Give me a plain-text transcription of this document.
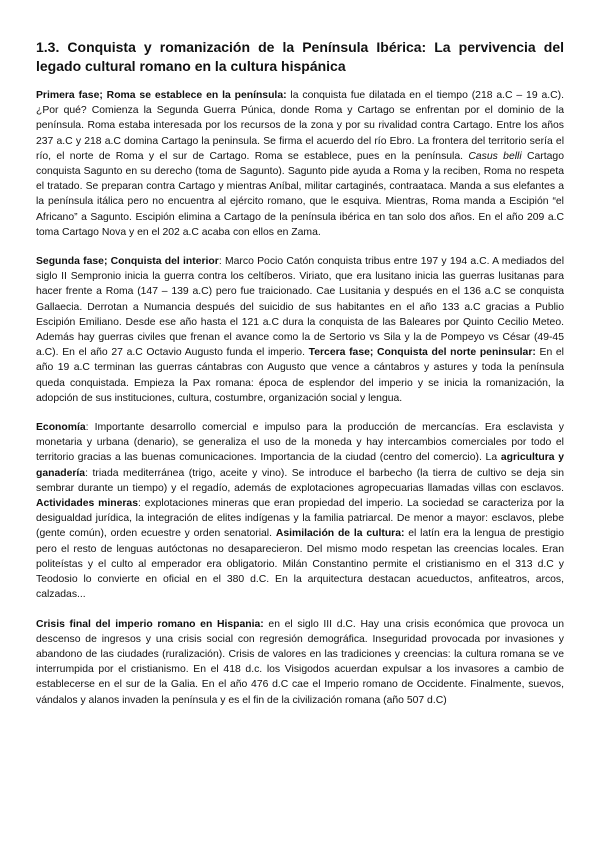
1.3. Conquista y romanización de la Península Ibérica: La pervivencia del legado cultural romano en la cultura hispánica

Primera fase; Roma se establece en la península: la conquista fue dilatada en el tiempo (218 a.C – 19 a.C). ¿Por qué? Comienza la Segunda Guerra Púnica, donde Roma y Cartago se enfrentan por el dominio de la península. Roma estaba interesada por los recursos de la zona y por su rivalidad contra Cartago. Entre los años 237 a.C y 218 a.C domina Cartago la peninsula. Se firma el acuerdo del río Ebro. La frontera del territorio sería el río, el norte de Roma y el sur de Cartago. Roma se establece, pues en la península. Casus belli Cartago conquista Sagunto en su derecho (toma de Sagunto). Sagunto pide ayuda a Roma y la reciben, Roma no respeta el tratado. Se preparan contra Cartago y mientras Aníbal, militar cartaginés, contraataca. Manda a sus elefantes a la península itálica pero no encuentra al ejército romano, que le esquiva. Mientras, Roma manda a Escipión “el Africano” a Sagunto. Escipión elimina a Cartago de la península ibérica en tan solo dos años. En el año 209 a.C toma Cartago Nova y en el 202 a.C acaba con ellos en Zama.

Segunda fase; Conquista del interior: Marco Pocio Catón conquista tribus entre 197 y 194 a.C. A mediados del siglo II Sempronio inicia la guerra contra los celtíberos. Viriato, que era lusitano inicia las guerras lusitanas para hacer frente a Roma (147 – 139 a.C) pero fue traicionado. Cae Lusitania y después en el 136 a.C se conquista Gallaecia. Derrotan a Numancia después del suicidio de sus habitantes en el año 133 a.C gracias a Publio Escipión Emiliano. Desde ese año hasta el 121 a.C dura la conquista de las Baleares por Quinto Cecilio Meteo. Además hay guerras civiles que frenan el avance como la de Sertorio vs Sila y la de Pompeyo vs César (49-45 a.C). En el año 27 a.C Octavio Augusto funda el imperio. Tercera fase; Conquista del norte peninsular: En el año 19 a.C terminan las guerras cántabras con Augusto que vence a cántabros y astures y toda la península queda conquistada. Empieza la Pax romana: época de esplendor del imperio y se inicia la romanización, la adopción de sus instituciones, cultura, costumbre, organización social y lengua.

Economía: Importante desarrollo comercial e impulso para la producción de mercancías. Era esclavista y monetaria y urbana (denario), se generaliza el uso de la moneda y hay intercambios comerciales por todo el territorio gracias a las buenas comunicaciones. Importancia de la ciudad (centro del comercio). La agricultura y ganadería: triada mediterránea (trigo, aceite y vino). Se introduce el barbecho (la tierra de cultivo se deja sin sembrar durante un tiempo) y el regadío, además de explotaciones agropecuarias llamadas villas con esclavos. Actividades mineras: explotaciones mineras que eran propiedad del imperio. La sociedad se caracteriza por la desigualdad jurídica, la integración de elites indígenas y la familia patriarcal. De menor a mayor: esclavos, plebe (gente común), orden ecuestre y orden senatorial. Asimilación de la cultura: el latín era la lengua de prestigio pero el resto de lenguas autóctonas no desaparecieron. Del mismo modo respetan las creencias locales. Eran politeístas y el culto al emperador era obligatorio. Milán Constantino permite el cristianismo en el 313 d.C y Teodosio lo convierte en oficial en el 380 d.C. En la arquitectura destacan acueductos, anfiteatros, arcos, calzadas...

Crisis final del imperio romano en Hispania: en el siglo III d.C. Hay una crisis económica que provoca un descenso de ingresos y una crisis social con regresión demográfica. Inseguridad provocada por invasiones y abandono de las ciudades (ruralización). Crisis de valores en las tradiciones y creencias: la cultura romana se ve interrumpida por el cristianismo. En el 418 d.c. los Visigodos acuerdan expulsar a los invasores a cambio de establecerse en el sur de la Galia. En el año 476 d.C cae el Imperio romano de Occidente. Finalmente, suevos, vándalos y alanos invaden la península y es el fin de la civilización romana (año 507 d.C)
